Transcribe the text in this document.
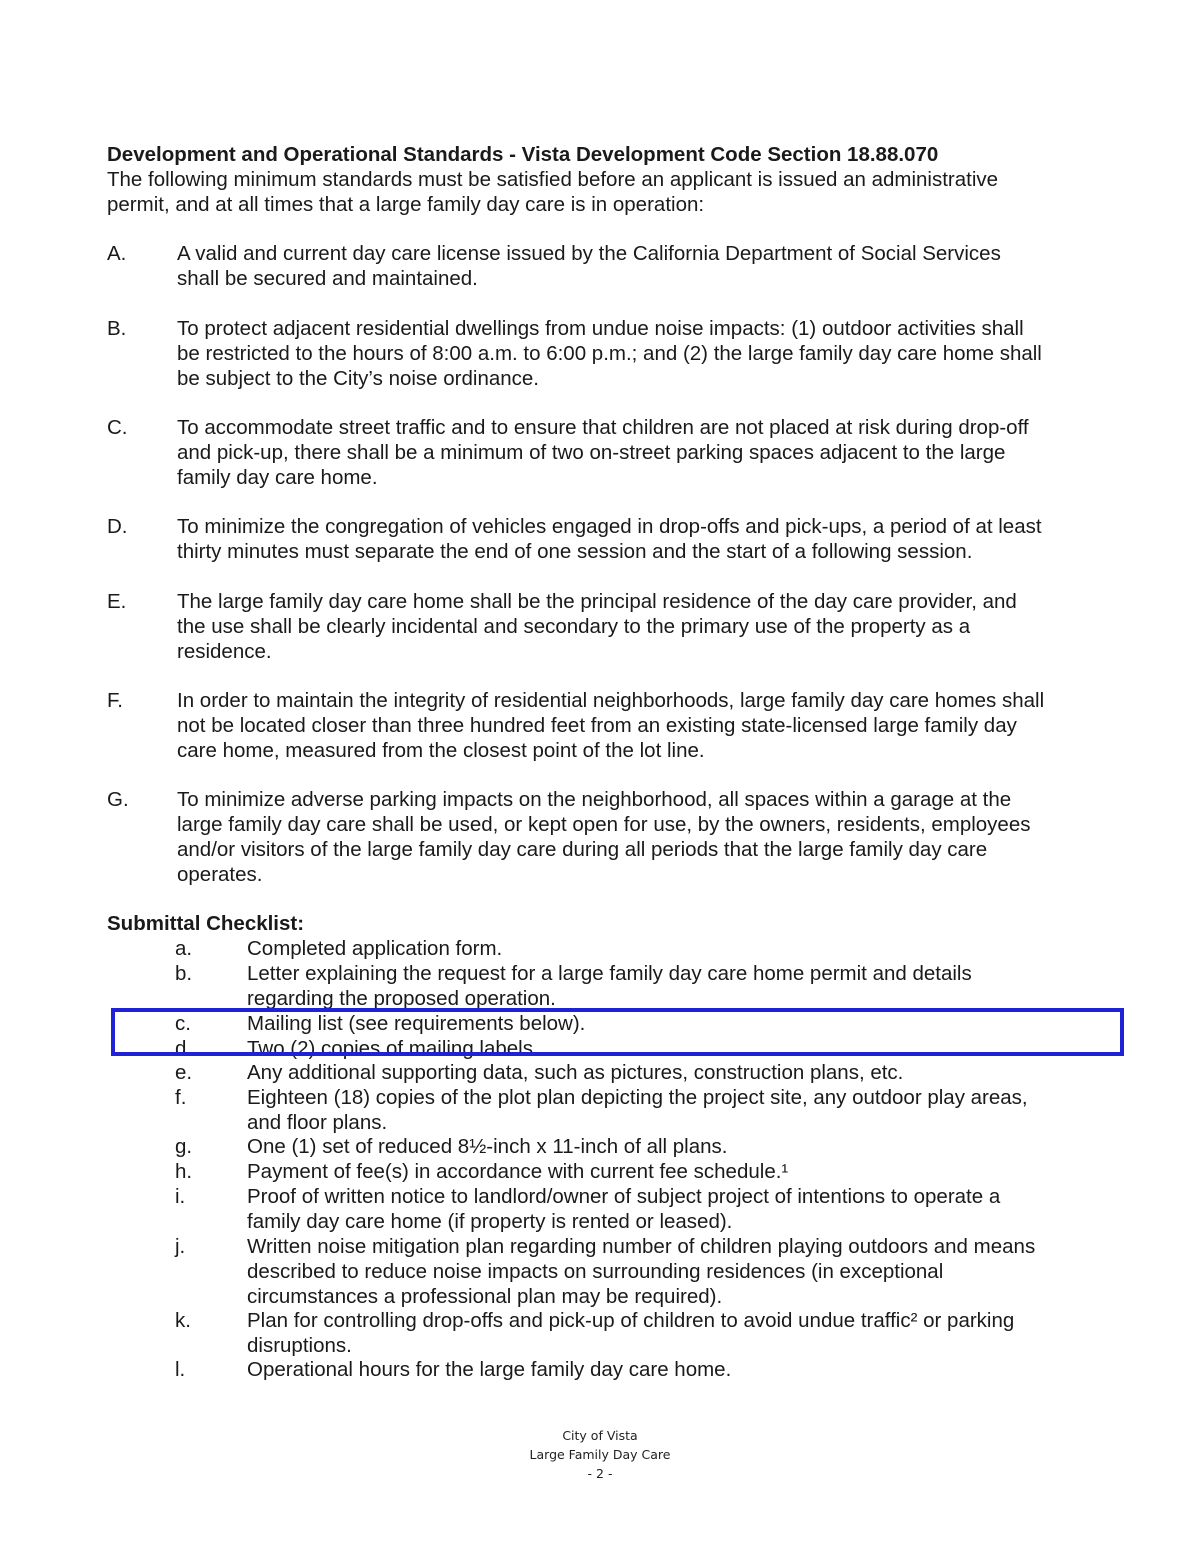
Development and Operational Standards - Vista Development Code Section 18.88.070
The following minimum standards must be satisfied before an applicant is issued an administrative
permit, and at all times that a large family day care is in operation:
A.	A valid and current day care license issued by the California Department of Social Services
shall be secured and maintained.
B.	To protect adjacent residential dwellings from undue noise impacts: (1) outdoor activities shall
be restricted to the hours of 8:00 a.m. to 6:00 p.m.; and (2) the large family day care home shall
be subject to the City’s noise ordinance.
C.	To accommodate street traffic and to ensure that children are not placed at risk during drop-off
and pick-up, there shall be a minimum of two on-street parking spaces adjacent to the large
family day care home.
D.	To minimize the congregation of vehicles engaged in drop-offs and pick-ups, a period of at least
thirty minutes must separate the end of one session and the start of a following session.
E.	The large family day care home shall be the principal residence of the day care provider, and
the use shall be clearly incidental and secondary to the primary use of the property as a
residence.
F.	In order to maintain the integrity of residential neighborhoods, large family day care homes shall
not be located closer than three hundred feet from an existing state-licensed large family day
care home, measured from the closest point of the lot line.
G.	To minimize adverse parking impacts on the neighborhood, all spaces within a garage at the
large family day care shall be used, or kept open for use, by the owners, residents, employees
and/or visitors of the large family day care during all periods that the large family day care
operates.
Submittal Checklist:
a.	Completed application form.
b.	Letter explaining the request for a large family day care home permit and details
regarding the proposed operation.
c.	Mailing list (see requirements below).
d.	Two (2) copies of mailing labels.
e.	Any additional supporting data, such as pictures, construction plans, etc.
f.	Eighteen (18) copies of the plot plan depicting the project site, any outdoor play areas,
and floor plans.
g.	One (1) set of reduced 8½-inch x 11-inch of all plans.
h.	Payment of fee(s) in accordance with current fee schedule.¹
i.	Proof of written notice to landlord/owner of subject project of intentions to operate a
family day care home (if property is rented or leased).
j.	Written noise mitigation plan regarding number of children playing outdoors and means
described to reduce noise impacts on surrounding residences (in exceptional
circumstances a professional plan may be required).
k.	Plan for controlling drop-offs and pick-up of children to avoid undue traffic² or parking
disruptions.
l.	Operational hours for the large family day care home.
City of Vista
Large Family Day Care
- 2 -
